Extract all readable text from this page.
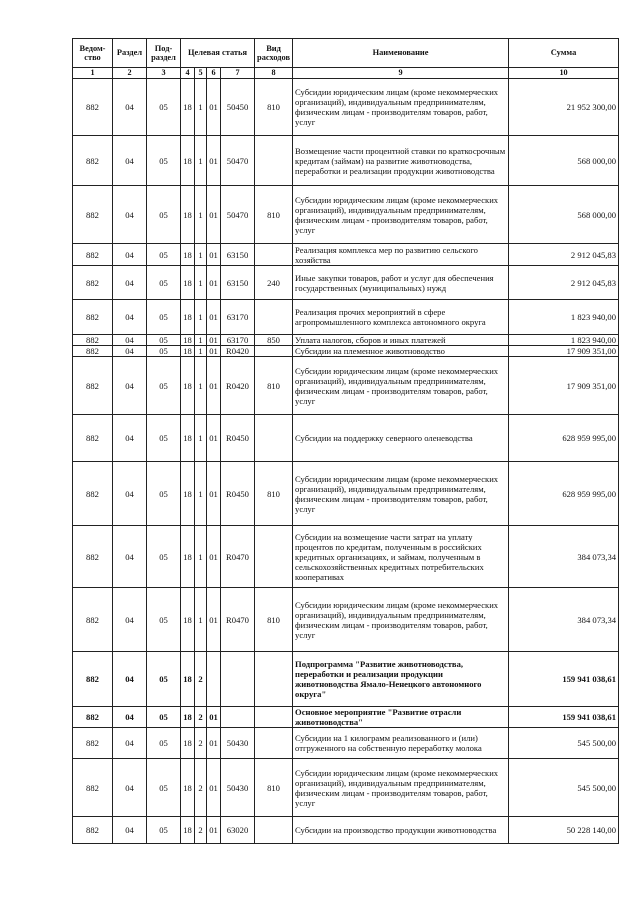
Ведом-ство	Раздел	Под-раздел	Целевая статья				Вид расходов	Наименование	Сумма

1	2	3	4	5	6	7	8	9	10
882	04	05	18	1	01	50450	810	Субсидии юридическим лицам (кроме некоммерческих организаций), индивидуальным предпринимателям, физическим лицам - производителям товаров, работ, услуг	21 952 300,00
882	04	05	18	1	01	50470		Возмещение части процентной ставки по краткосрочным кредитам (займам) на развитие животноводства, переработки и реализации продукции животноводства	568 000,00
882	04	05	18	1	01	50470	810	Субсидии юридическим лицам (кроме некоммерческих организаций), индивидуальным предпринимателям, физическим лицам - производителям товаров, работ, услуг	568 000,00
882	04	05	18	1	01	63150		Реализация комплекса мер по развитию сельского хозяйства	2 912 045,83
882	04	05	18	1	01	63150	240	Иные закупки товаров, работ и услуг для обеспечения государственных (муниципальных) нужд	2 912 045,83
882	04	05	18	1	01	63170		Реализация прочих мероприятий в сфере агропромышленного комплекса автономного округа	1 823 940,00
882	04	05	18	1	01	63170	850	Уплата налогов, сборов и иных платежей	1 823 940,00
882	04	05	18	1	01	R0420		Субсидии на племенное животноводство	17 909 351,00
882	04	05	18	1	01	R0420	810	Субсидии юридическим лицам (кроме некоммерческих организаций), индивидуальным предпринимателям, физическим лицам - производителям товаров, работ, услуг	17 909 351,00
882	04	05	18	1	01	R0450		Субсидии на поддержку северного оленеводства	628 959 995,00
882	04	05	18	1	01	R0450	810	Субсидии юридическим лицам (кроме некоммерческих организаций), индивидуальным предпринимателям, физическим лицам - производителям товаров, работ, услуг	628 959 995,00
882	04	05	18	1	01	R0470		Субсидии на возмещение части затрат на уплату процентов по кредитам, полученным в российских кредитных организациях, и займам, полученным в сельскохозяйственных кредитных потребительских кооперативах	384 073,34
882	04	05	18	1	01	R0470	810	Субсидии юридическим лицам (кроме некоммерческих организаций), индивидуальным предпринимателям, физическим лицам - производителям товаров, работ, услуг	384 073,34
882	04	05	18	2				Подпрограмма "Развитие животноводства, переработки и реализации продукции животноводства Ямало-Ненецкого автономного округа"	159 941 038,61
882	04	05	18	2	01			Основное мероприятие "Развитие отрасли животноводства"	159 941 038,61
882	04	05	18	2	01	50430		Субсидии на 1 килограмм реализованного и (или) отгруженного на собственную переработку молока	545 500,00
882	04	05	18	2	01	50430	810	Субсидии юридическим лицам (кроме некоммерческих организаций), индивидуальным предпринимателям, физическим лицам - производителям товаров, работ, услуг	545 500,00
882	04	05	18	2	01	63020		Субсидии на производство продукции животноводства	50 228 140,00
